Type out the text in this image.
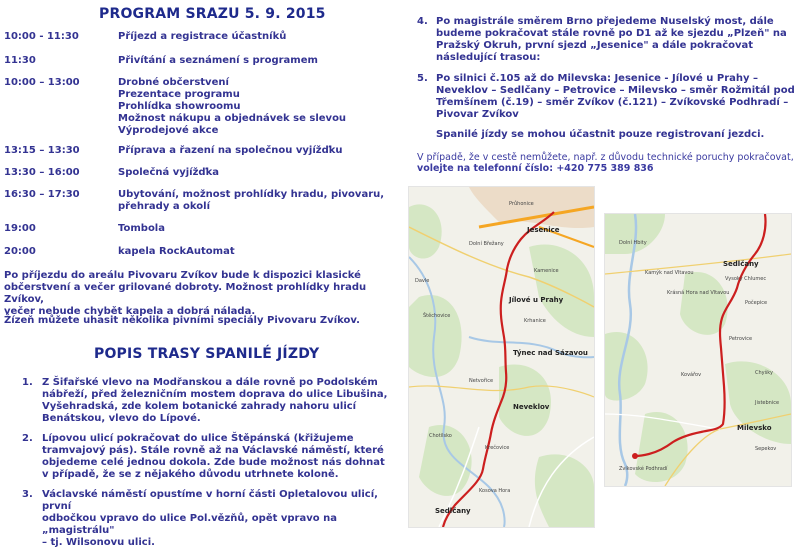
PROGRAM SRAZU 5. 9. 2015
10:00 - 11:30	Příjezd a registrace účastníků
11:30	Přivítání a seznámení s programem
10:00 – 13:00	Drobné občerstvení
Prezentace programu
Prohlídka showroomu
Možnost nákupu a objednávek se slevou
Výprodejové akce
13:15 – 13:30	Příprava a řazení na společnou vyjížďku
13:30 – 16:00	Společná vyjížďka
16:30 – 17:30	Ubytování, možnost prohlídky hradu, pivovaru,
přehrady a okolí
19:00	Tombola
20:00	kapela RockAutomat
Po příjezdu do areálu Pivovaru Zvíkov bude k dispozici klasické
občerstvení a večer grilované dobroty. Možnost prohlídky hradu Zvíkov,
večer nebude chybět kapela a dobrá nálada.
Žízeň můžete uhasit několika pivními speciály Pivovaru Zvíkov.
POPIS TRASY SPANILÉ JÍZDY
1. Z Šifařské vlevo na Modřanskou a dále rovně po Podolském
nábřeží, před železničním mostem doprava do ulice Libušina,
Vyšehradská, zde kolem botanické zahrady nahoru ulicí
Benátskou, vlevo do Lípové.
2. Lípovou ulicí pokračovat do ulice Štěpánská (křižujeme
tramvajový pás). Stále rovně až na Václavské náměstí, které
objedeme celé jednou dokola. Zde bude možnost nás dohnat
v případě, že se z nějakého důvodu utrhnete koloně.
3. Václavské náměstí opustíme v horní části Opletalovou ulicí, první
odbočkou vpravo do ulice Pol.vězňů, opět vpravo na „magistrálu"
– tj. Wilsonovu ulici.
4. Po magistrále směrem Brno přejedeme Nuselský most, dále
budeme pokračovat stále rovně po D1 až ke sjezdu „Plzeň" na
Pražský Okruh, první sjezd „Jesenice" a dále pokračovat
následující trasou:
5. Po silnici č.105 až do Milevska: Jesenice - Jílové u Prahy –
Neveklov – Sedlčany – Petrovice – Milevsko – směr Rožmitál pod
Třemšínem (č.19) – směr Zvíkov (č.121) – Zvíkovské Podhradí –
Pivovar Zvíkov
Spanilé jízdy se mohou účastnit pouze registrovaní jezdci.
V případě, že v cestě nemůžete, např. z důvodu technické poruchy pokračovat,
volejte na telefonní číslo: +420 775 389 836
Průhonice
Jesenice
Dolní Břežany
Kamenice
Jílové u Prahy
Krhanice
Týnec nad Sázavou
Neveklov
Krečovice
Kosova Hora
Sedlčany
Davle
Štěchovice
Netvořice
Chotilsko
Sedlčany
Dolní Hbity
Kamýk nad Vltavou
Krásná Hora nad Vltavou
Petrovice
Milevsko
Zvíkovské Podhradí
Sepekov
Chyšky
Kovářov
Vysoký Chlumec
Počepice
Jistebnice
